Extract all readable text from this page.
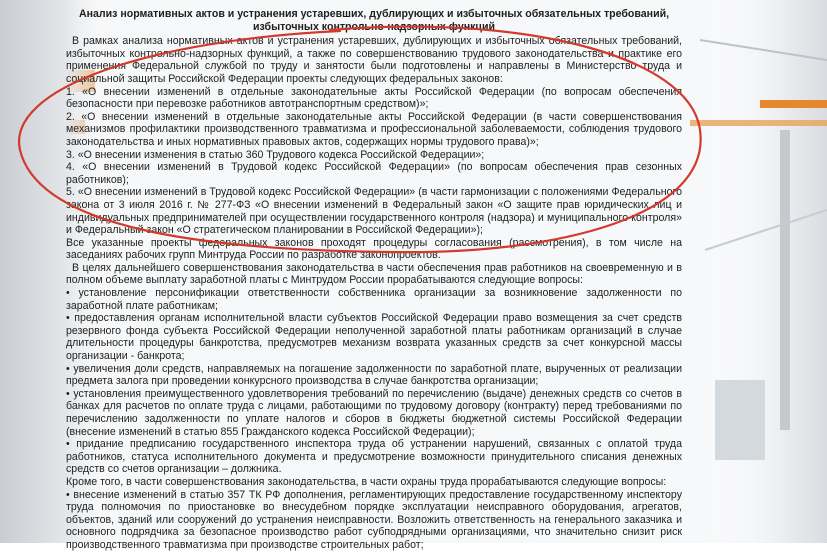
Анализ нормативных актов и устранения устаревших, дублирующих и избыточных обязательных требований,
избыточных контрольно-надзорных функций

В рамках анализа нормативных актов и устранения устаревших, дублирующих и избыточных обязательных требований, избыточных контрольно-надзорных функций, а также по совершенствованию трудового законодательства и практике его применения Федеральной службой по труду и занятости были подготовлены и направлены в Министерство труда и социальной защиты Российской Федерации проекты следующих федеральных законов:

1. «О внесении изменений в отдельные законодательные акты Российской Федерации (по вопросам обеспечения безопасности при перевозке работников автотранспортным средством)»;

2. «О внесении изменений в отдельные законодательные акты Российской Федерации (в части совершенствования механизмов профилактики производственного травматизма и профессиональной заболеваемости, соблюдения трудового законодательства и иных нормативных правовых актов, содержащих нормы трудового права)»;

3. «О внесении изменения в статью 360 Трудового кодекса Российской Федерации»;

4. «О внесении изменений в Трудовой кодекс Российской Федерации» (по вопросам обеспечения прав сезонных работников);

5. «О внесении изменений в Трудовой кодекс Российской Федерации» (в части гармонизации с положениями Федерального закона от 3 июля 2016 г. № 277-ФЗ «О внесении изменений в Федеральный закон «О защите прав юридических лиц и индивидуальных предпринимателей при осуществлении государственного контроля (надзора) и муниципального контроля» и Федеральный закон «О стратегическом планировании в Российской Федерации»);

Все указанные проекты федеральных законов проходят процедуры согласования (рассмотрения), в том числе на заседаниях рабочих групп Минтруда России по разработке законопроектов.

В целях дальнейшего совершенствования законодательства в части обеспечения прав работников на своевременную и в полном объеме выплату заработной платы с Минтрудом России прорабатываются следующие вопросы:

• установление персонификации ответственности собственника организации за возникновение задолженности по заработной плате работникам;

• предоставления органам исполнительной власти субъектов Российской Федерации право возмещения за счет средств резервного фонда субъекта Российской Федерации неполученной заработной платы работникам организаций в случае длительности процедуры банкротства, предусмотрев механизм возврата указанных средств за счет конкурсной массы организации - банкрота;

• увеличения доли средств, направляемых на погашение задолженности по заработной плате, вырученных от реализации предмета залога при проведении конкурсного производства в случае банкротства организации;

• установления преимущественного удовлетворения требований по перечислению (выдаче) денежных средств со счетов в банках для расчетов по оплате труда с лицами, работающими по трудовому договору (контракту) перед требованиями по перечислению задолженности по уплате налогов и сборов в бюджеты бюджетной системы Российской Федерации (внесение изменений в статью 855 Гражданского кодекса Российской Федерации);

• придание предписанию государственного инспектора труда об устранении нарушений, связанных с оплатой труда работников, статуса исполнительного документа и предусмотрение возможности принудительного списания денежных средств со счетов организации – должника.

Кроме того, в части совершенствования законодательства, в части охраны труда прорабатываются следующие вопросы:

• внесение изменений в статью 357 ТК РФ дополнения, регламентирующих предоставление государственному инспектору труда полномочия по приостановке во внесудебном порядке эксплуатации неисправного оборудования, агрегатов, объектов, зданий или сооружений до устранения неисправности. Возложить ответственность на генерального заказчика и основного подрядчика за безопасное производство работ субподрядными организациями, что значительно снизит риск производственного травматизма при производстве строительных работ;
